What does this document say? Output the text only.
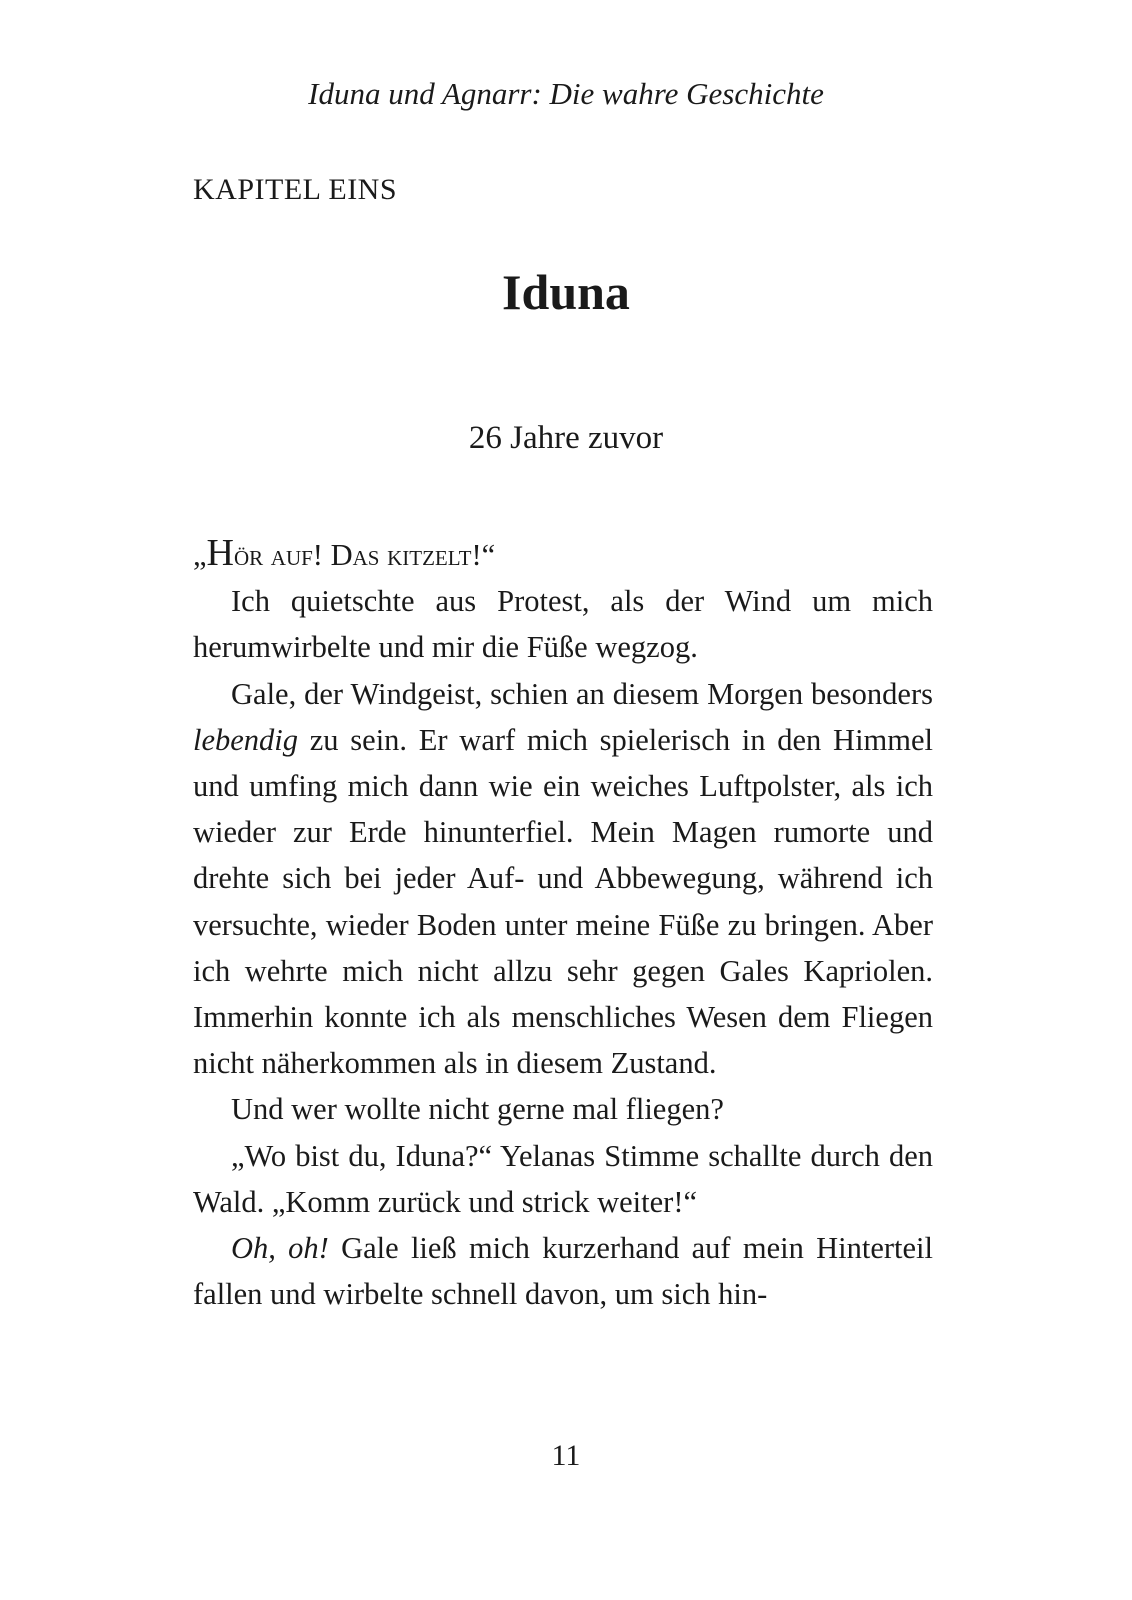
Iduna und Agnarr: Die wahre Geschichte
KAPITEL EINS
Iduna
26 Jahre zuvor

„Hör auf! Das kitzelt!“

Ich quietschte aus Protest, als der Wind um mich herumwirbelte und mir die Füße wegzog.

Gale, der Windgeist, schien an diesem Morgen besonders lebendig zu sein. Er warf mich spielerisch in den Himmel und umfing mich dann wie ein weiches Luftpolster, als ich wieder zur Erde hinunterfiel. Mein Magen rumorte und drehte sich bei jeder Auf- und Abbewegung, während ich versuchte, wieder Boden unter meine Füße zu bringen. Aber ich wehrte mich nicht allzu sehr gegen Gales Kapriolen. Immerhin konnte ich als menschliches Wesen dem Fliegen nicht näherkommen als in diesem Zustand.

Und wer wollte nicht gerne mal fliegen?

„Wo bist du, Iduna?“ Yelanas Stimme schallte durch den Wald. „Komm zurück und strick weiter!“

Oh, oh! Gale ließ mich kurzerhand auf mein Hinterteil fallen und wirbelte schnell davon, um sich hin-

11
